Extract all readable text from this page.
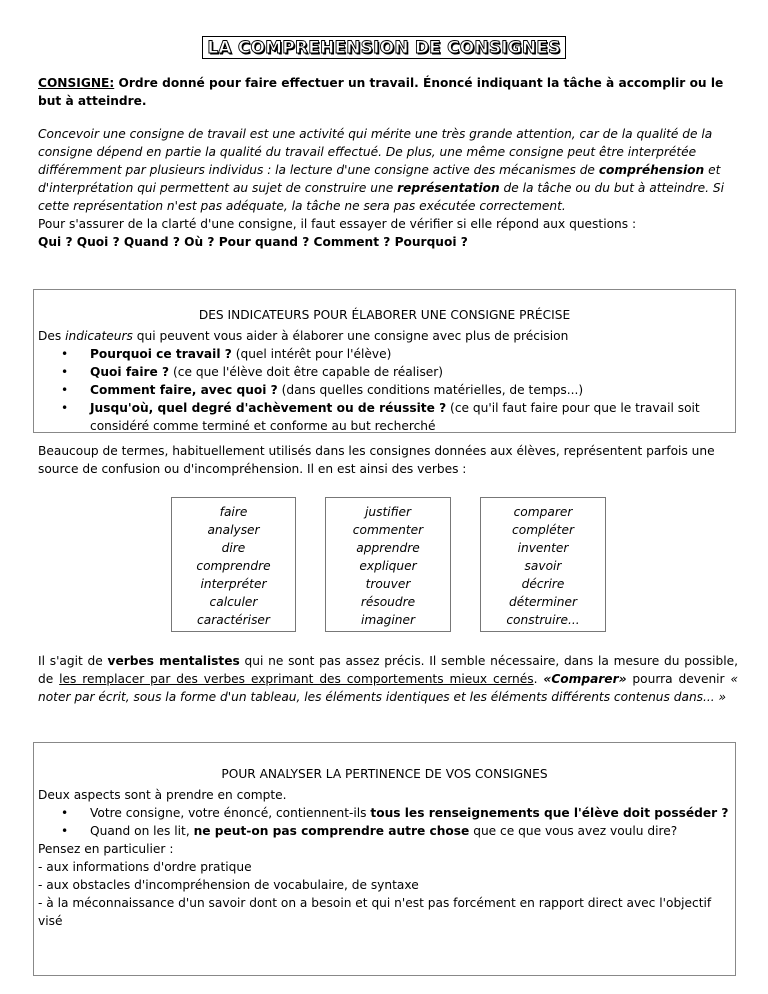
LA COMPREHENSION DE CONSIGNES

CONSIGNE: Ordre donné pour faire effectuer un travail. Énoncé indiquant la tâche à accomplir ou le but à atteindre.

Concevoir une consigne de travail est une activité qui mérite une très grande attention, car de la qualité de la consigne dépend en partie la qualité du travail effectué. De plus, une même consigne peut être interprétée différemment par plusieurs individus : la lecture d'une consigne active des mécanismes de compréhension et d'interprétation qui permettent au sujet de construire une représentation de la tâche ou du but à atteindre. Si cette représentation n'est pas adéquate, la tâche ne sera pas exécutée correctement.

Pour s'assurer de la clarté d'une consigne, il faut essayer de vérifier si elle répond aux questions :

Qui ? Quoi ? Quand ? Où ? Pour quand ? Comment ? Pourquoi ?

DES INDICATEURS POUR ÉLABORER UNE CONSIGNE PRÉCISE

Des indicateurs qui peuvent vous aider à élaborer une consigne avec plus de précision

• Pourquoi ce travail ? (quel intérêt pour l'élève)
• Quoi faire ? (ce que l'élève doit être capable de réaliser)
• Comment faire, avec quoi ? (dans quelles conditions matérielles, de temps...)
• Jusqu'où, quel degré d'achèvement ou de réussite ? (ce qu'il faut faire pour que le travail soit considéré comme terminé et conforme au but recherché

Beaucoup de termes, habituellement utilisés dans les consignes données aux élèves, représentent parfois une source de confusion ou d'incompréhension. Il en est ainsi des verbes :

faire
analyser
dire
comprendre
interpréter
calculer
caractériser

justifier
commenter
apprendre
expliquer
trouver
résoudre
imaginer

comparer
compléter
inventer
savoir
décrire
déterminer
construire...

Il s'agit de verbes mentalistes qui ne sont pas assez précis. Il semble nécessaire, dans la mesure du possible, de les remplacer par des verbes exprimant des comportements mieux cernés. «Comparer» pourra devenir « noter par écrit, sous la forme d'un tableau, les éléments identiques et les éléments différents contenus dans... »

POUR ANALYSER LA PERTINENCE DE VOS CONSIGNES

Deux aspects sont à prendre en compte.

• Votre consigne, votre énoncé, contiennent-ils tous les renseignements que l'élève doit posséder ?
• Quand on les lit, ne peut-on pas comprendre autre chose que ce que vous avez voulu dire?

Pensez en particulier :

- aux informations d'ordre pratique

- aux obstacles d'incompréhension de vocabulaire, de syntaxe

- à la méconnaissance d'un savoir dont on a besoin et qui n'est pas forcément en rapport direct avec l'objectif visé
